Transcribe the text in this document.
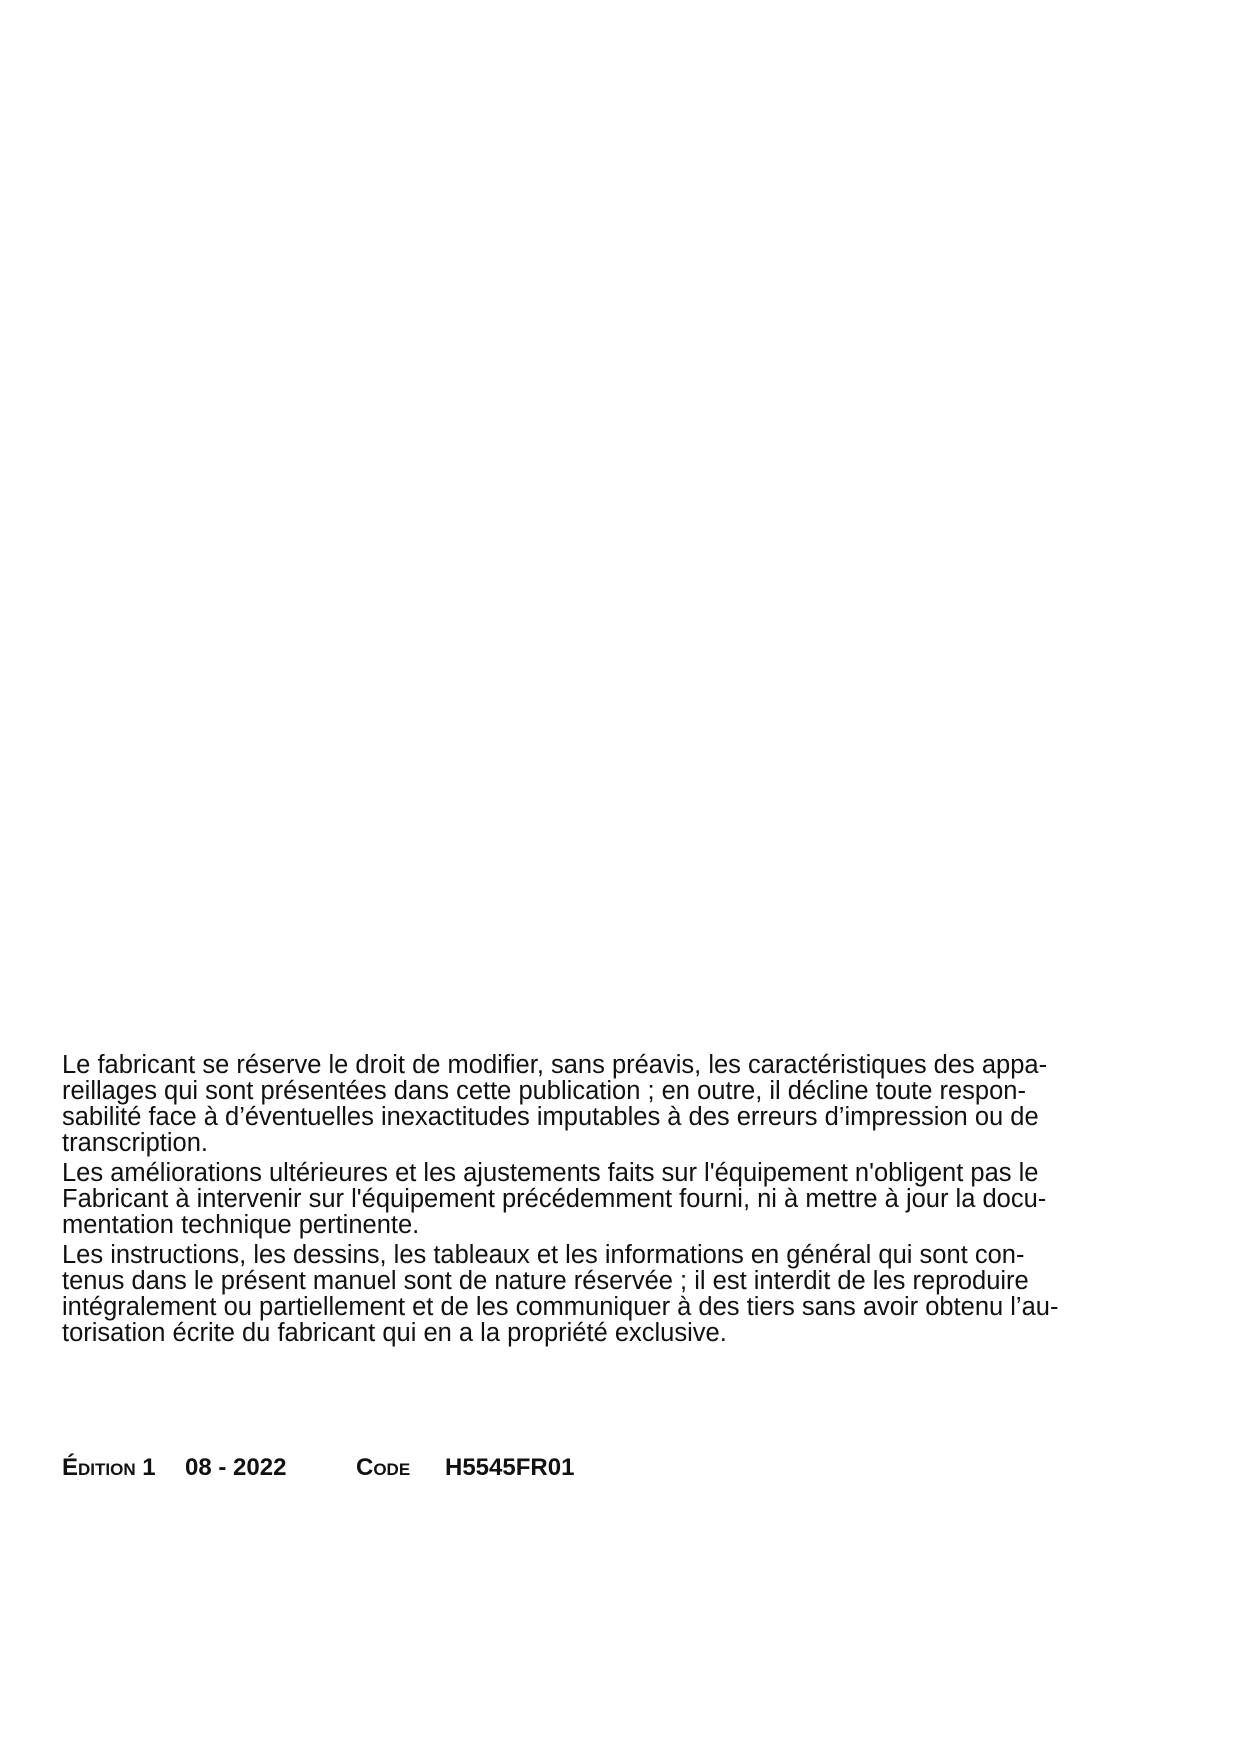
Le fabricant se réserve le droit de modifier, sans préavis, les caractéristiques des appa-
reillages qui sont présentées dans cette publication ; en outre, il décline toute respon-
sabilité face à d’éventuelles inexactitudes imputables à des erreurs d’impression ou de
transcription.
Les améliorations ultérieures et les ajustements faits sur l'équipement n'obligent pas le
Fabricant à intervenir sur l'équipement précédemment fourni, ni à mettre à jour la docu-
mentation technique pertinente.
Les instructions, les dessins, les tableaux et les informations en général qui sont con-
tenus dans le présent manuel sont de nature réservée ; il est interdit de les reproduire
intégralement ou partiellement et de les communiquer à des tiers sans avoir obtenu l’au-
torisation écrite du fabricant qui en a la propriété exclusive.
Édition 1 08 - 2022	Code H5545FR01
